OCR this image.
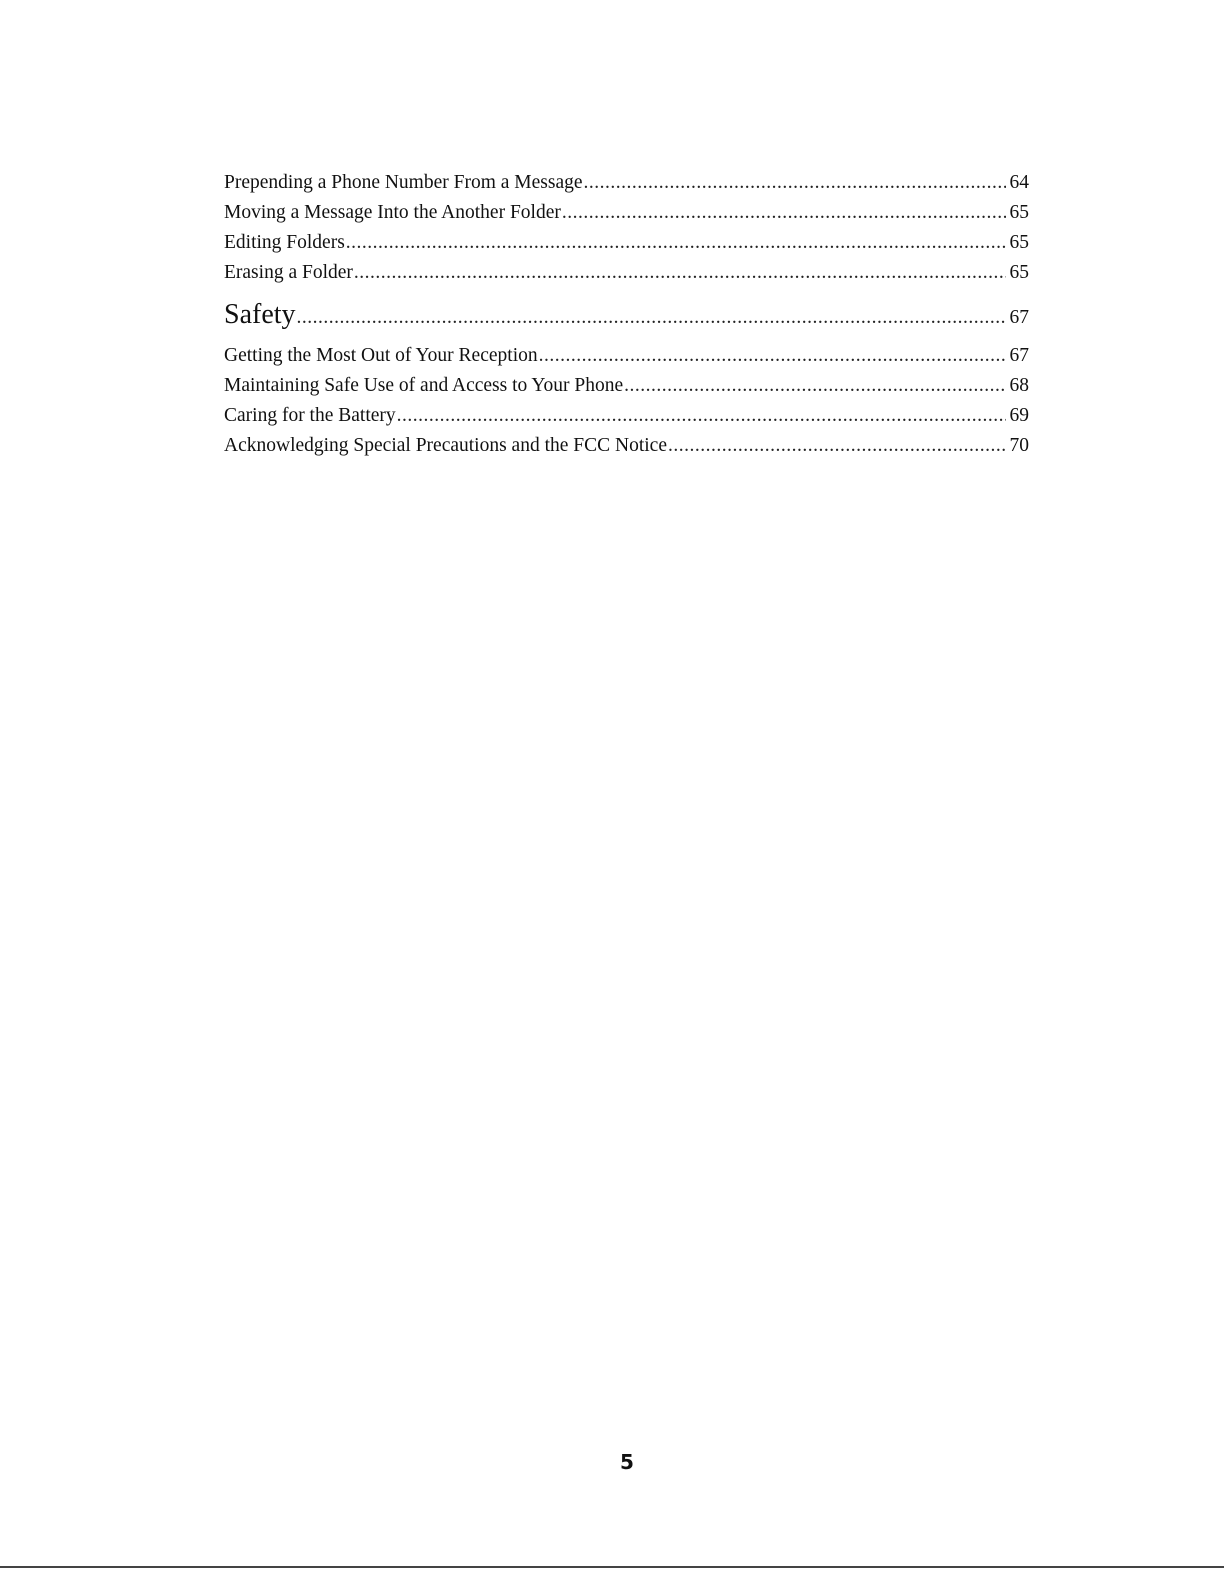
Prepending a Phone Number From a Message .....	64
Moving a Message Into the Another Folder .....	65
Editing Folders .....	65
Erasing a Folder .....	65
Safety .....	67
Getting the Most Out of Your Reception .....	67
Maintaining Safe Use of and Access to Your Phone .....	68
Caring for the Battery .....	69
Acknowledging Special Precautions and the FCC Notice .....	70
5
